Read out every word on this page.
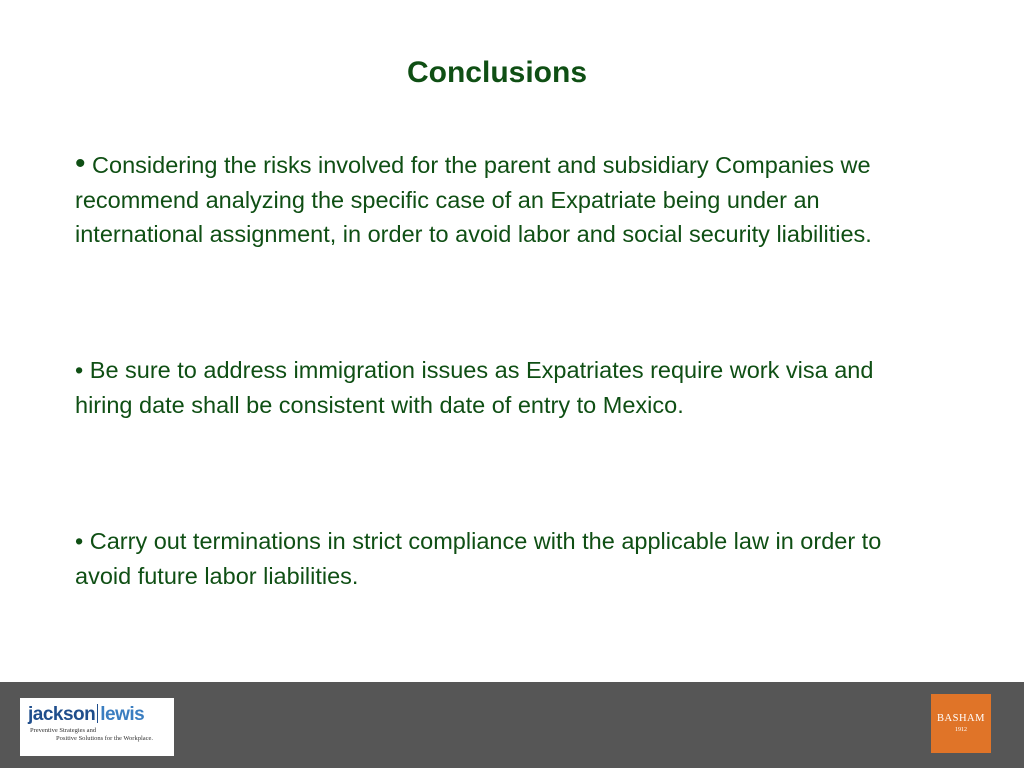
Conclusions
• Considering the risks involved for the parent and subsidiary Companies we recommend analyzing the specific case of an Expatriate being under an international assignment, in order to avoid labor and social security liabilities.
• Be sure to address immigration issues as Expatriates require work visa and hiring date shall be consistent with date of entry to Mexico.
• Carry out terminations in strict compliance with the applicable law in order to avoid future labor liabilities.
jackson lewis
Preventive Strategies and
Positive Solutions for the Workplace.
BASHAM
1912
